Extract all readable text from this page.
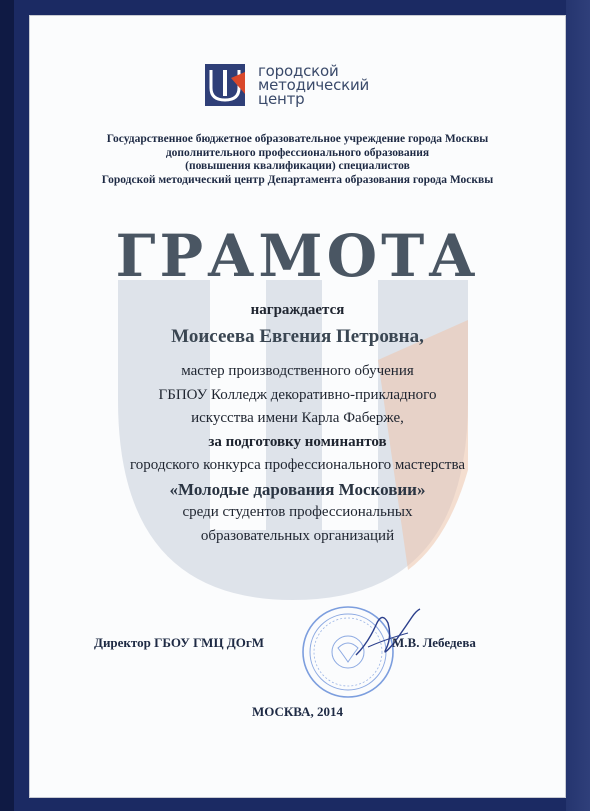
городской
методический
центр
Государственное бюджетное образовательное учреждение города Москвы
дополнительного профессионального образования
(повышения квалификации) специалистов
Городской методический центр Департамента образования города Москвы
ГРАМОТА
награждается
Моисеева Евгения Петровна,
мастер производственного обучения
ГБПОУ Колледж декоративно-прикладного
искусства имени Карла Фаберже,
за подготовку номинантов
городского конкурса профессионального мастерства
«Молодые дарования Московии»
среди студентов профессиональных
образовательных организаций
Директор ГБОУ ГМЦ ДОгМ	М.В. Лебедева
МОСКВА, 2014
